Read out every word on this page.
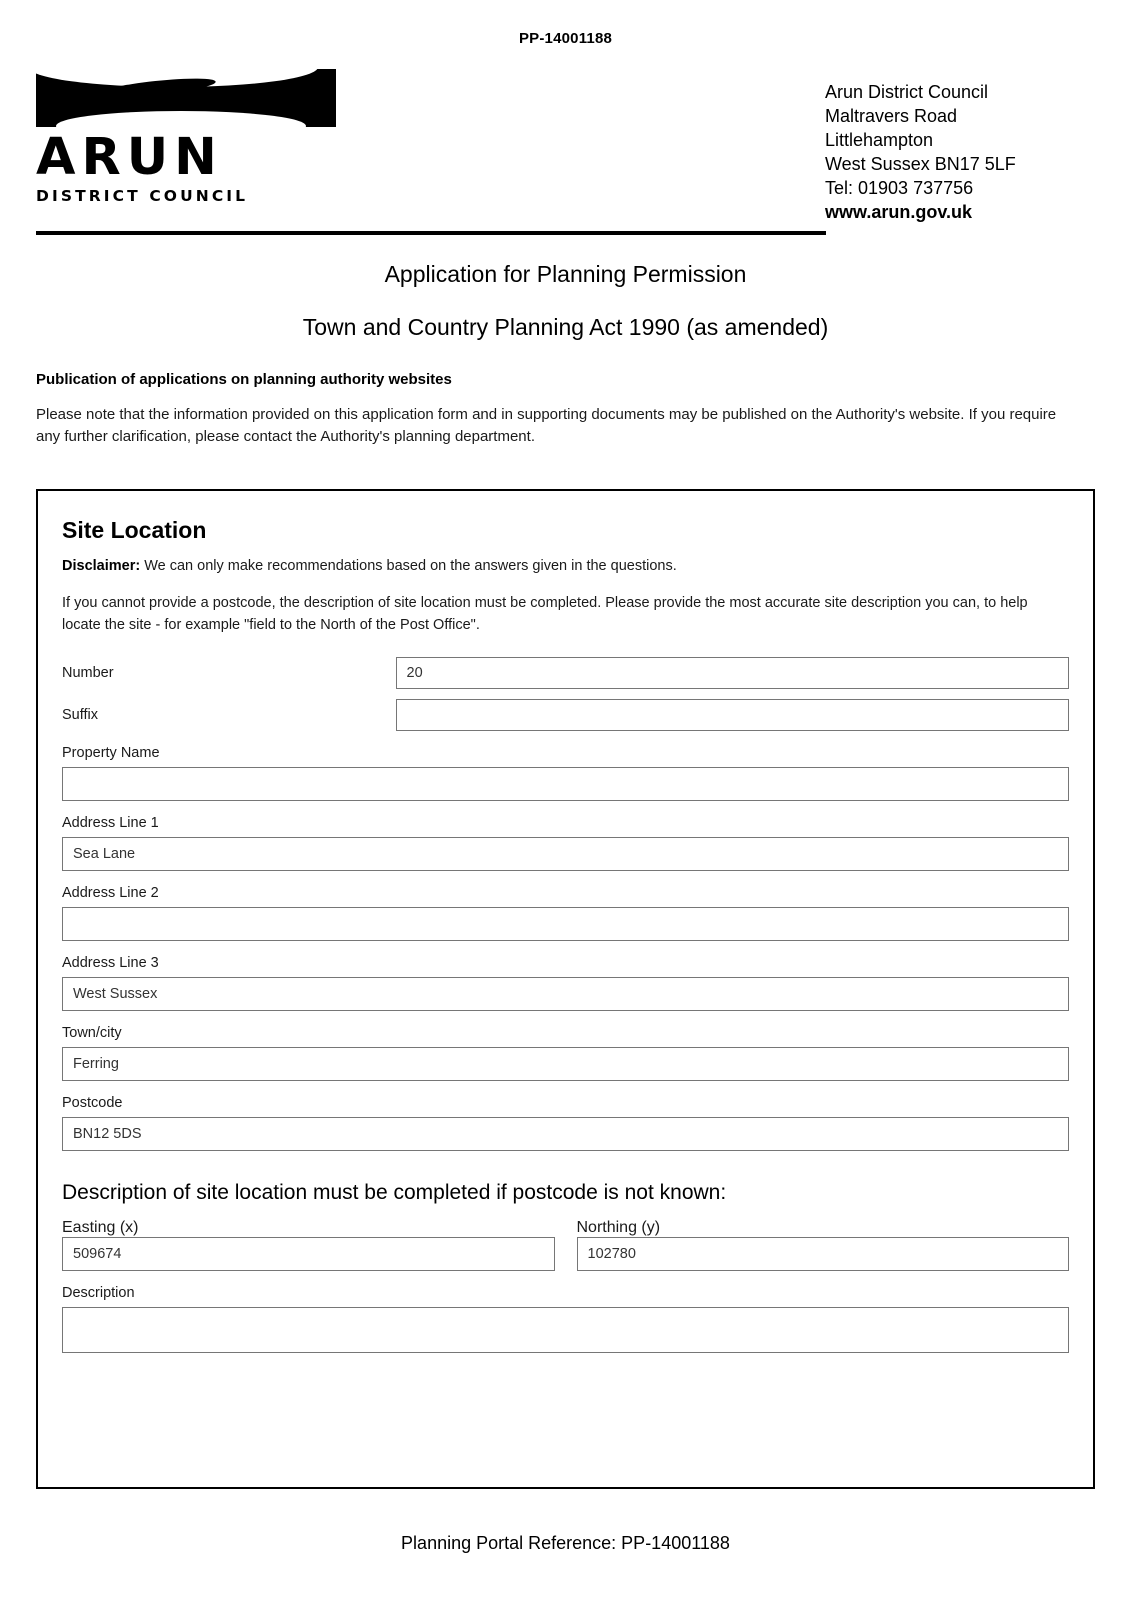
PP-14001188
ARUN
DISTRICT COUNCIL
Arun District Council
Maltravers Road
Littlehampton
West Sussex BN17 5LF
Tel: 01903 737756
www.arun.gov.uk
Application for Planning Permission
Town and Country Planning Act 1990 (as amended)
Publication of applications on planning authority websites
Please note that the information provided on this application form and in supporting documents may be published on the Authority's website. If you require any further clarification, please contact the Authority's planning department.
Site Location
Disclaimer: We can only make recommendations based on the answers given in the questions.
If you cannot provide a postcode, the description of site location must be completed. Please provide the most accurate site description you can, to help locate the site - for example "field to the North of the Post Office".
Number	20
Suffix
Property Name
Address Line 1
Sea Lane
Address Line 2
Address Line 3
West Sussex
Town/city
Ferring
Postcode
BN12 5DS
Description of site location must be completed if postcode is not known:
Easting (x)
509674
Northing (y)
102780
Description
Planning Portal Reference: PP-14001188
